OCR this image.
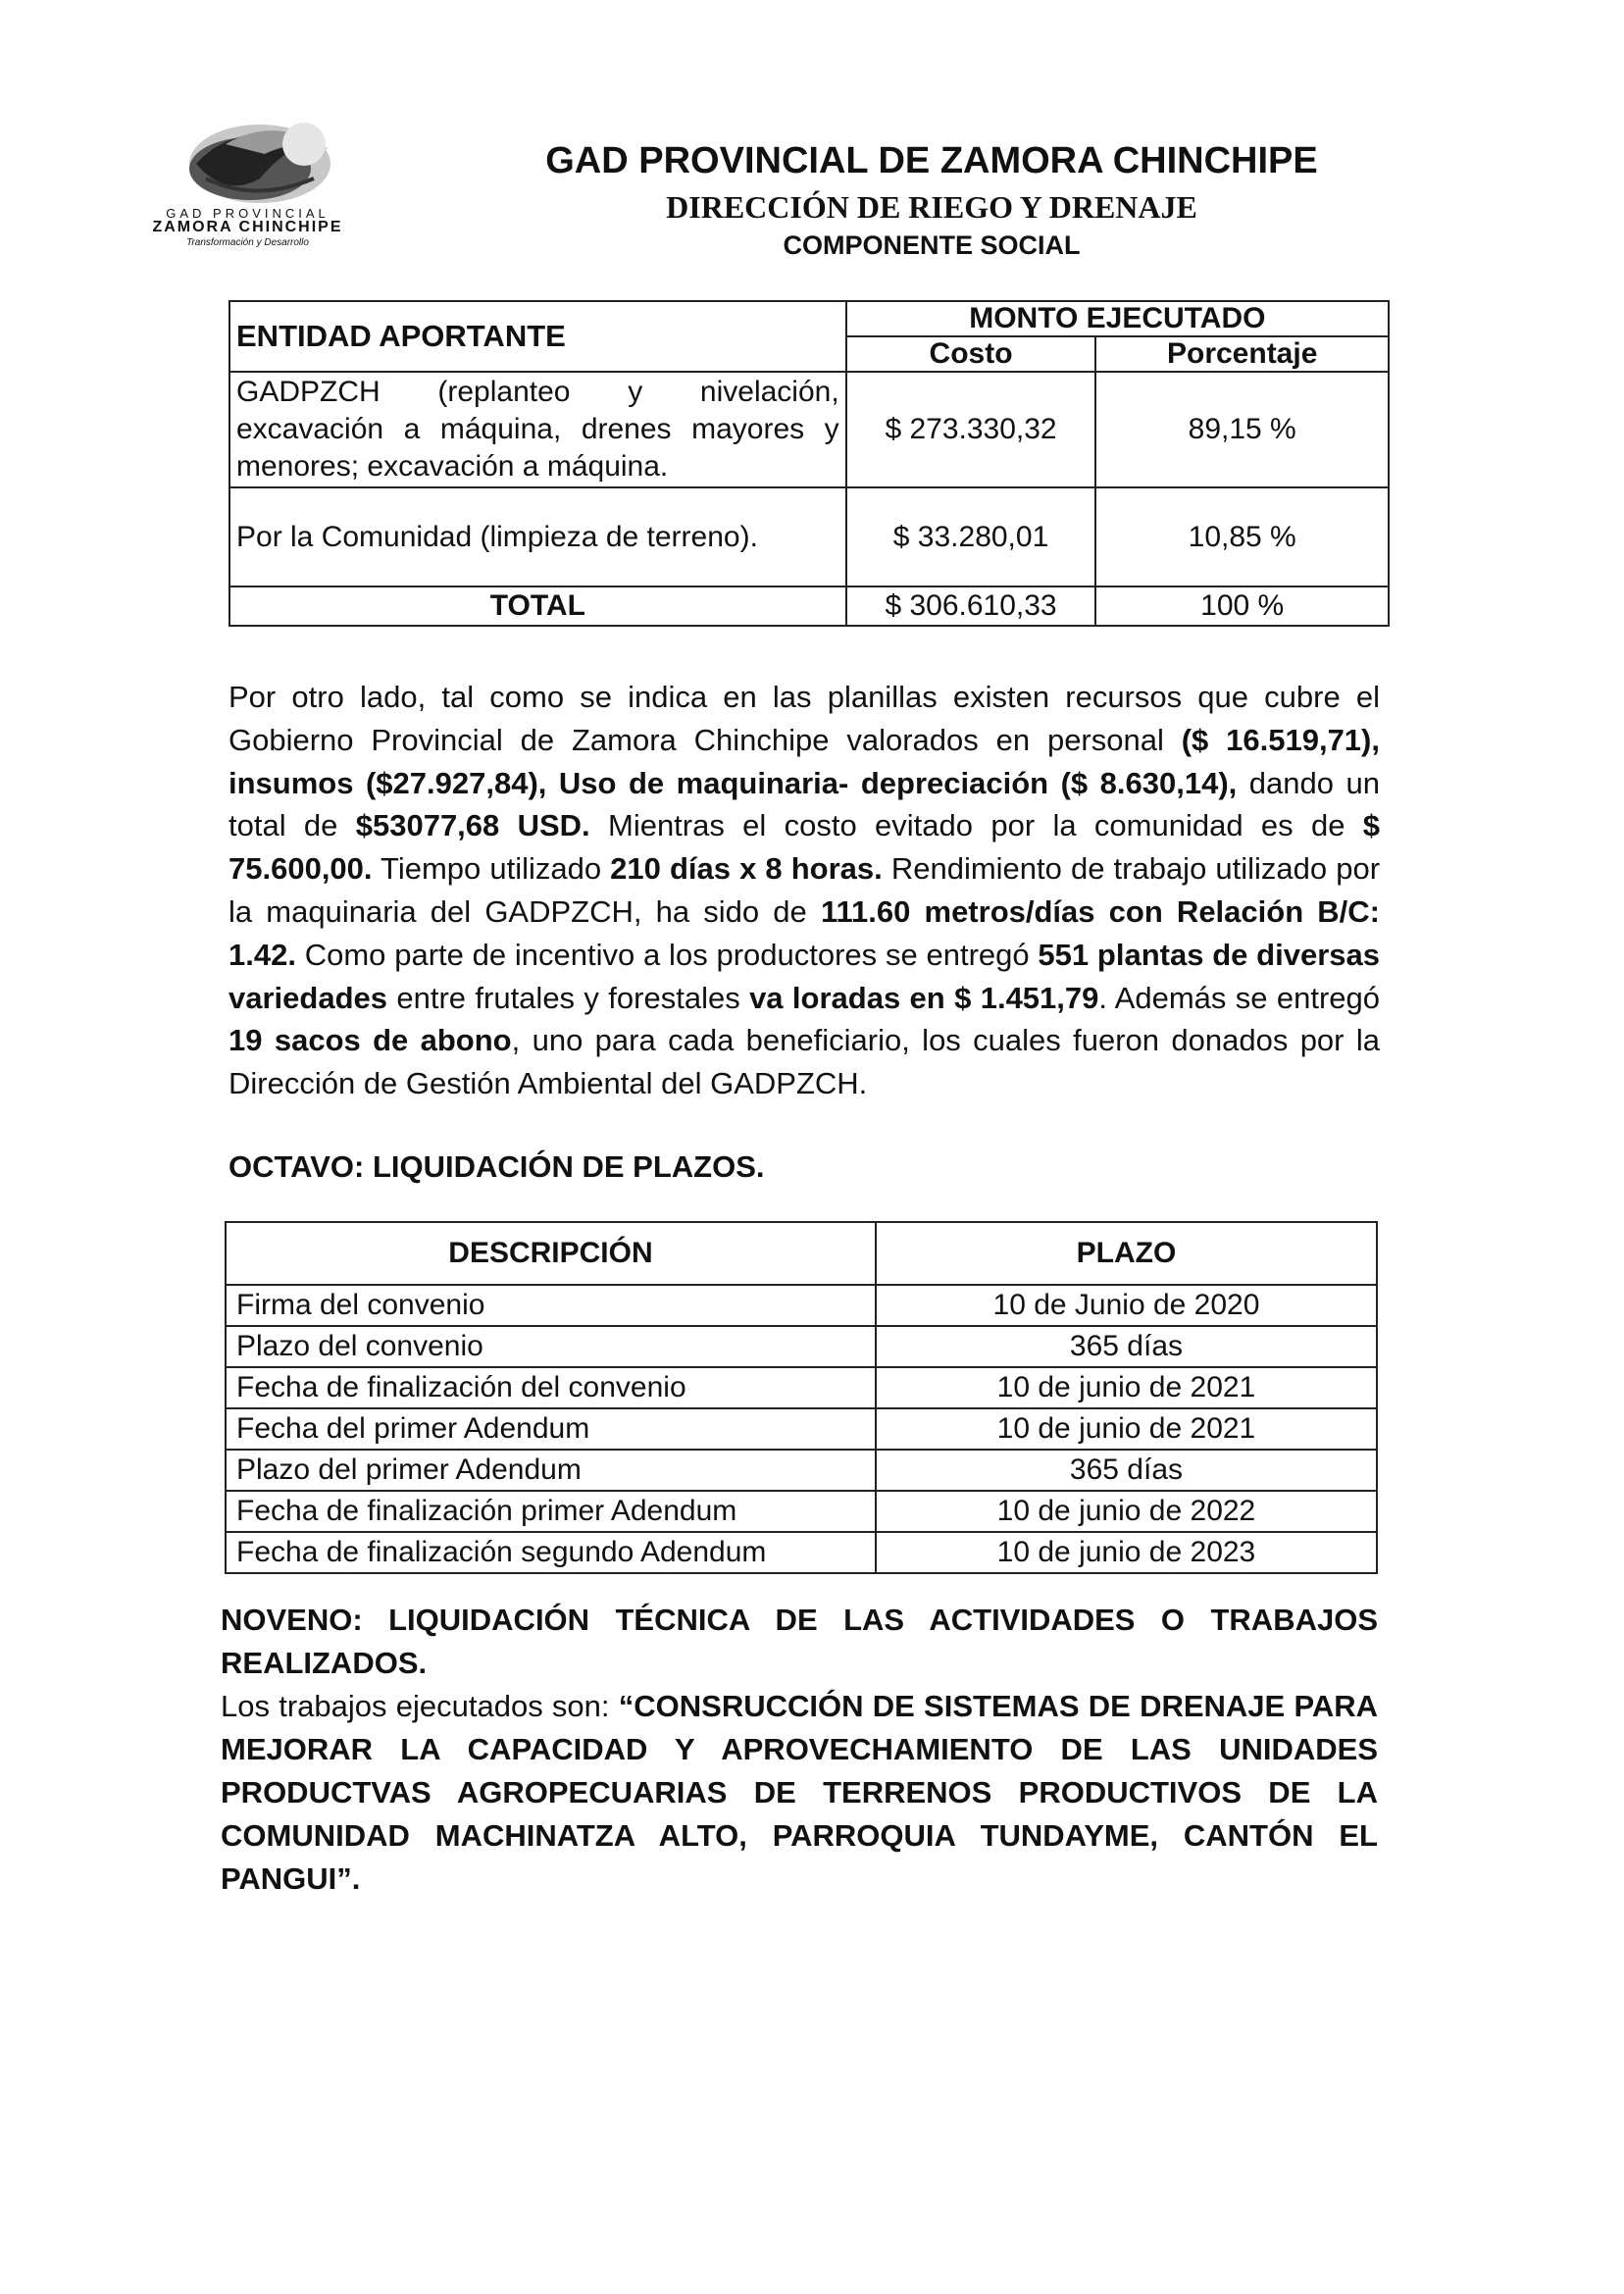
GAD PROVINCIAL
ZAMORA CHINCHIPE
Transformación y Desarrollo
GAD PROVINCIAL DE ZAMORA CHINCHIPE
DIRECCIÓN DE RIEGO Y DRENAJE
COMPONENTE SOCIAL
ENTIDAD APORTANTE	MONTO EJECUTADO	
	Costo	Porcentaje
GADPZCH (replanteo y nivelación, excavación a máquina, drenes mayores y menores; excavación a máquina.	$ 273.330,32	89,15 %
Por la Comunidad (limpieza de terreno).	$ 33.280,01	10,85 %
TOTAL	$ 306.610,33	100 %
Por otro lado, tal como se indica en las planillas existen recursos que cubre el Gobierno Provincial de Zamora Chinchipe valorados en personal ($ 16.519,71), insumos ($27.927,84), Uso de maquinaria- depreciación ($ 8.630,14), dando un total de $53077,68 USD. Mientras el costo evitado por la comunidad es de $ 75.600,00. Tiempo utilizado 210 días x 8 horas. Rendimiento de trabajo utilizado por la maquinaria del GADPZCH, ha sido de 111.60 metros/días con Relación B/C: 1.42. Como parte de incentivo a los productores se entregó 551 plantas de diversas variedades entre frutales y forestales va loradas en $ 1.451,79. Además se entregó 19 sacos de abono, uno para cada beneficiario, los cuales fueron donados por la Dirección de Gestión Ambiental del GADPZCH.
OCTAVO: LIQUIDACIÓN DE PLAZOS.
DESCRIPCIÓN	PLAZO
Firma del convenio	10 de Junio de 2020
Plazo del convenio	365 días
Fecha de finalización del convenio	10 de junio de 2021
Fecha del primer Adendum	10 de junio de 2021
Plazo del primer Adendum	365 días
Fecha de finalización primer Adendum	10 de junio de 2022
Fecha de finalización segundo Adendum	10 de junio de 2023
NOVENO: LIQUIDACIÓN TÉCNICA DE LAS ACTIVIDADES O TRABAJOS REALIZADOS.
Los trabajos ejecutados son: “CONSRUCCIÓN DE SISTEMAS DE DRENAJE PARA MEJORAR LA CAPACIDAD Y APROVECHAMIENTO DE LAS UNIDADES PRODUCTVAS AGROPECUARIAS DE TERRENOS PRODUCTIVOS DE LA COMUNIDAD MACHINATZA ALTO, PARROQUIA TUNDAYME, CANTÓN EL PANGUI”.
